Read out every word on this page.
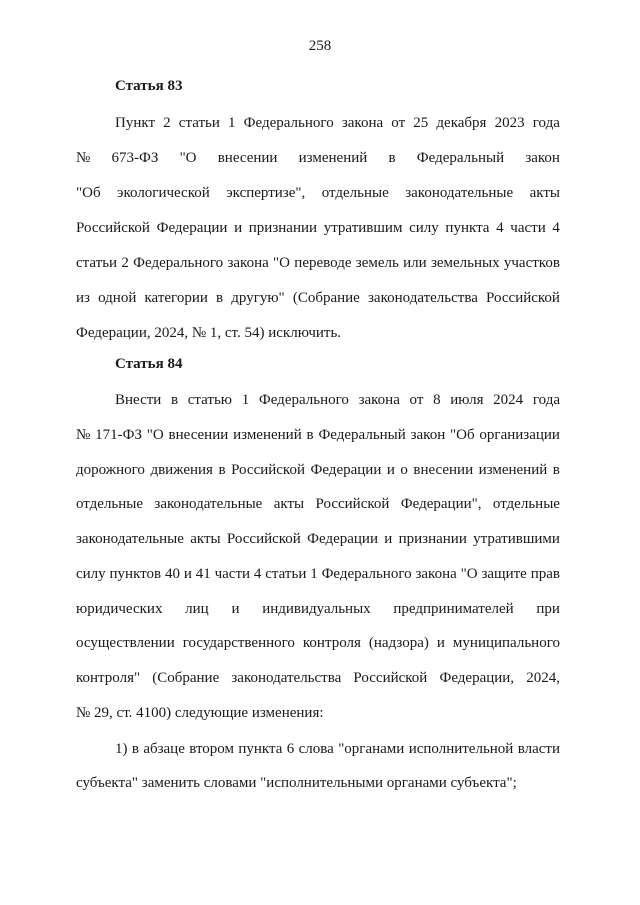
258
Статья 83
Пункт 2 статьи 1 Федерального закона от 25 декабря 2023 года
№ 673-ФЗ "О внесении изменений в Федеральный закон
"Об экологической экспертизе", отдельные законодательные акты
Российской Федерации и признании утратившим силу пункта 4 части 4
статьи 2 Федерального закона "О переводе земель или земельных участков
из одной категории в другую" (Собрание законодательства Российской
Федерации, 2024, № 1, ст. 54) исключить.
Статья 84
Внести в статью 1 Федерального закона от 8 июля 2024 года
№ 171-ФЗ "О внесении изменений в Федеральный закон "Об организации
дорожного движения в Российской Федерации и о внесении изменений в
отдельные законодательные акты Российской Федерации", отдельные
законодательные акты Российской Федерации и признании утратившими
силу пунктов 40 и 41 части 4 статьи 1 Федерального закона "О защите прав
юридических лиц и индивидуальных предпринимателей при
осуществлении государственного контроля (надзора) и муниципального
контроля" (Собрание законодательства Российской Федерации, 2024,
№ 29, ст. 4100) следующие изменения:
1) в абзаце втором пункта 6 слова "органами исполнительной власти
субъекта" заменить словами "исполнительными органами субъекта";
